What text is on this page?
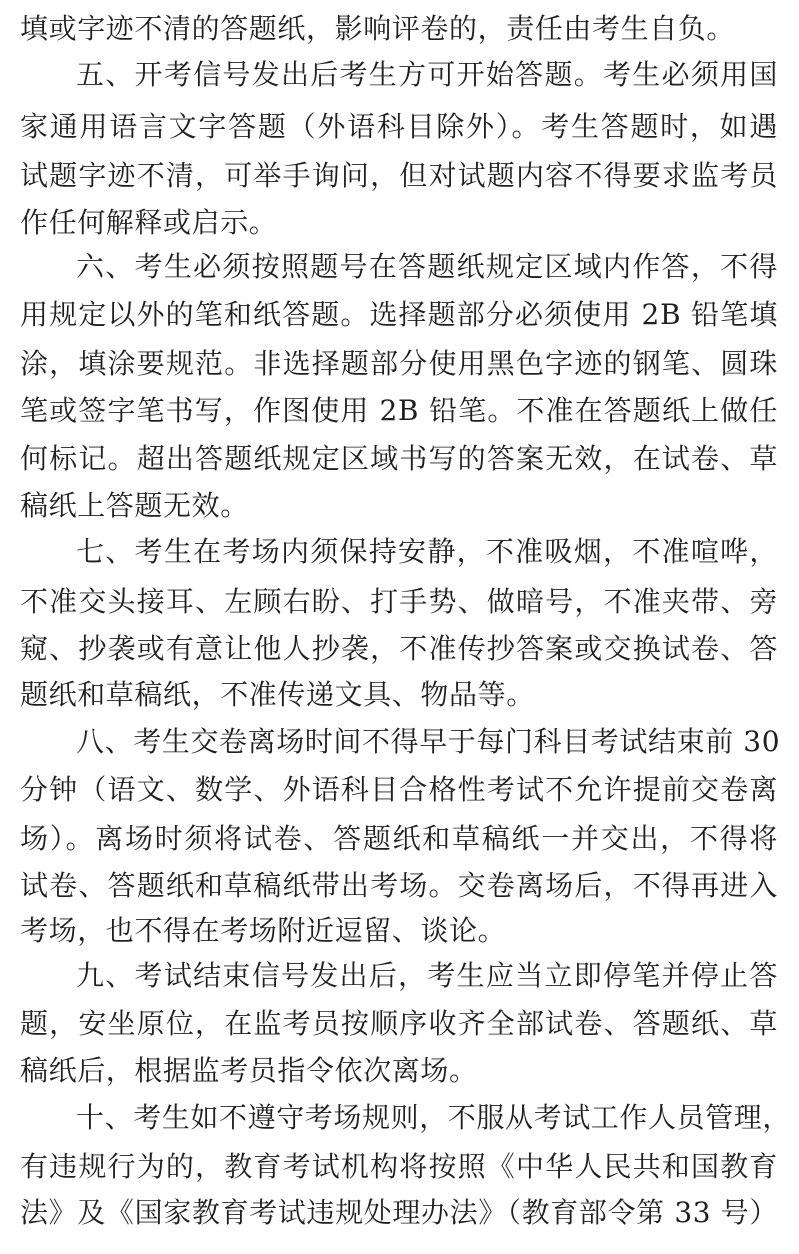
填或字迹不清的答题纸，影响评卷的，责任由考生自负。
五、开考信号发出后考生方可开始答题。考生必须用国
家通用语言文字答题（外语科目除外）。考生答题时，如遇
试题字迹不清，可举手询问，但对试题内容不得要求监考员
作任何解释或启示。
六、考生必须按照题号在答题纸规定区域内作答，不得
用规定以外的笔和纸答题。选择题部分必须使用 2B 铅笔填
涂，填涂要规范。非选择题部分使用黑色字迹的钢笔、圆珠
笔或签字笔书写，作图使用 2B 铅笔。不准在答题纸上做任
何标记。超出答题纸规定区域书写的答案无效，在试卷、草
稿纸上答题无效。
七、考生在考场内须保持安静，不准吸烟，不准喧哗，
不准交头接耳、左顾右盼、打手势、做暗号，不准夹带、旁
窥、抄袭或有意让他人抄袭，不准传抄答案或交换试卷、答
题纸和草稿纸，不准传递文具、物品等。
八、考生交卷离场时间不得早于每门科目考试结束前 30
分钟（语文、数学、外语科目合格性考试不允许提前交卷离
场）。离场时须将试卷、答题纸和草稿纸一并交出，不得将
试卷、答题纸和草稿纸带出考场。交卷离场后，不得再进入
考场，也不得在考场附近逗留、谈论。
九、考试结束信号发出后，考生应当立即停笔并停止答
题，安坐原位，在监考员按顺序收齐全部试卷、答题纸、草
稿纸后，根据监考员指令依次离场。
十、考生如不遵守考场规则，不服从考试工作人员管理，
有违规行为的，教育考试机构将按照《中华人民共和国教育
法》及《国家教育考试违规处理办法》（教育部令第 33 号）
